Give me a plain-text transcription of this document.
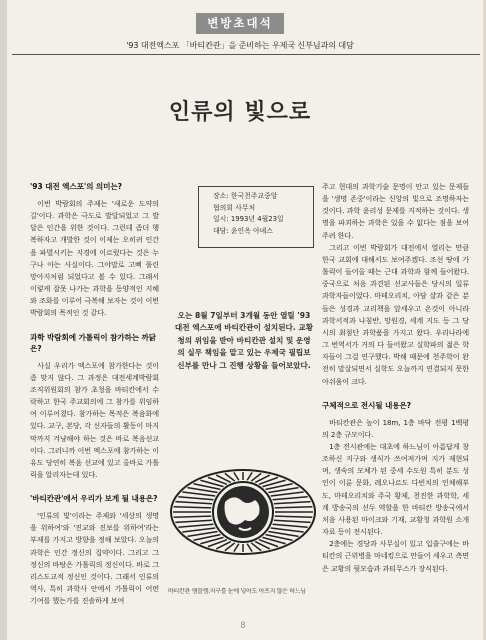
변방초대석
'93 대전엑스포 「바티칸관」을 준비하는 우제국 신부님과의 대담
인류의 빛으로
'93 대전 엑스포'의 의미는?

이번 박람회의 주제는 '새로운 도약의 길'이다. 과학은 극도로 발달되었고 그 발달은 인간을 위한 것이다. 그런데 좀더 행복하자고 개발한 것이 이제는 오히려 인간을 파멸시키는 지경에 이르렀다는 것은 누구나 아는 사실이다. 그야말로 고삐 풀린 망아지처럼 되었다고 볼 수 있다. 그래서 이렇게 잘못 나가는 과학을 동양적인 지혜와 조화를 이루어 극복해 보자는 것이 이번 박람회의 목적인 것 같다.

과학 박람회에 가톨릭이 참가하는 까닭은?

사실 우리가 엑스포에 참가한다는 것이 좀 맞지 않다. 그 과정은 대전세계박람회 조직위원회의 참가 초청을 바티칸에서 수락하고 한국 주교회의에 그 참가를 위임하여 이루어졌다. 참가하는 목적은 복음화에 있다. 교구, 본당, 각 신자들의 활동이 마지막까지 겨냥해야 하는 것은 바로 복음선교이다. 그러니까 이번 엑스포에 참가하는 이유도 당연히 복음 선교에 있고 올바로 가톨릭을 알리자는데 있다.

'바티칸관'에서 우리가 보게 될 내용은?

'인류의 빛'이라는 주제와 '세상의 생명을 위하여'와 '진교와 진보를 위하여'라는 부제를 가지고 방향을 정해 보았다. 오늘의 과학은 인간 정신의 집약이다. 그리고 그 정신의 바탕은 가톨릭의 정신이다. 바로 그리스도교적 정신인 것이다. 그래서 인류의 역사, 특히 과학사 안에서 가톨릭이 어떤 기여를 했는가를 진솔하게 보여

장소: 한국천주교중앙
협의회 사무처
일시: 1993년 4월23일
대담: 윤인옥 아녜스
오는 8월 7일부터 3개월 동안 열릴 '93 대전 엑스포에 바티칸관이 설치된다. 교황청의 위임을 받아 바티칸관 설치 및 운영의 실무 책임을 맡고 있는 우제국 필립보 신부를 만나 그 진행 상황을 들어보았다.
바티칸관 앰블렘:지구를 눈에 넣어도 아프지 않은 하느님

주고 현대의 과학기술 문명이 안고 있는 문제들을 '생명 존중'이라는 신앙의 빛으로 조명하자는 것이다. 과학 윤리성 문제를 지적하는 것이다. 생명을 파괴하는 과학은 있을 수 없다는 점을 보여주려 한다.

그리고 이번 박람회가 대전에서 열리는 만큼 한국 교회에 대해서도 보여주겠다. 조선 땅에 가톨릭이 들어올 때는 근대 과학과 함께 들어왔다. 중국으로 처음 과견된 선교사들은 당시의 일류 과학자들이었다. 마테오리치, 아담 샬과 같은 분들은 성경과 교리책을 앞세우고 온것이 아니라 과학서적과 나침반, 망원경, 세계 지도 등 그 당시의 최첨단 과학품을 가지고 왔다. 우리나라에 그 번역서가 거의 다 들어왔고 실학파의 젊은 학자들이 그걸 연구했다. 박해 때문에 천주학이 완전히 말살되면서 실학도 오늘까지 연결되지 못한 아쉬움이 크다.

구체적으로 전시될 내용은?

바티칸관은 높이 18m, 1층 바닥 전평 1백평의 2층 규모이다.

1층 전시관에는 대초에 하느님이 아름답게 창조하신 지구와 생식가 쓰여져가며 지가 재현되며, 생숙의 모체가 된 중세 수도원 특히 분도 성인이 이룬 문화, 레오나르도 다빈치의 인체해부도, 마테오리치와 주국 황제, 천진한 과학학, 세계 방송국의 선두 역할을 한 바티칸 방송국에서 처음 사용된 마이크와 기재, 교황청 과학원 소개 자료 등이 전시된다.

2층에는 경당과 사무실이 있고 입출구에는 바티칸의 근위병을 마네킹으로 만들어 세우고 측면은 교황의 뒷모습과 과티무스가 장식된다.

8
